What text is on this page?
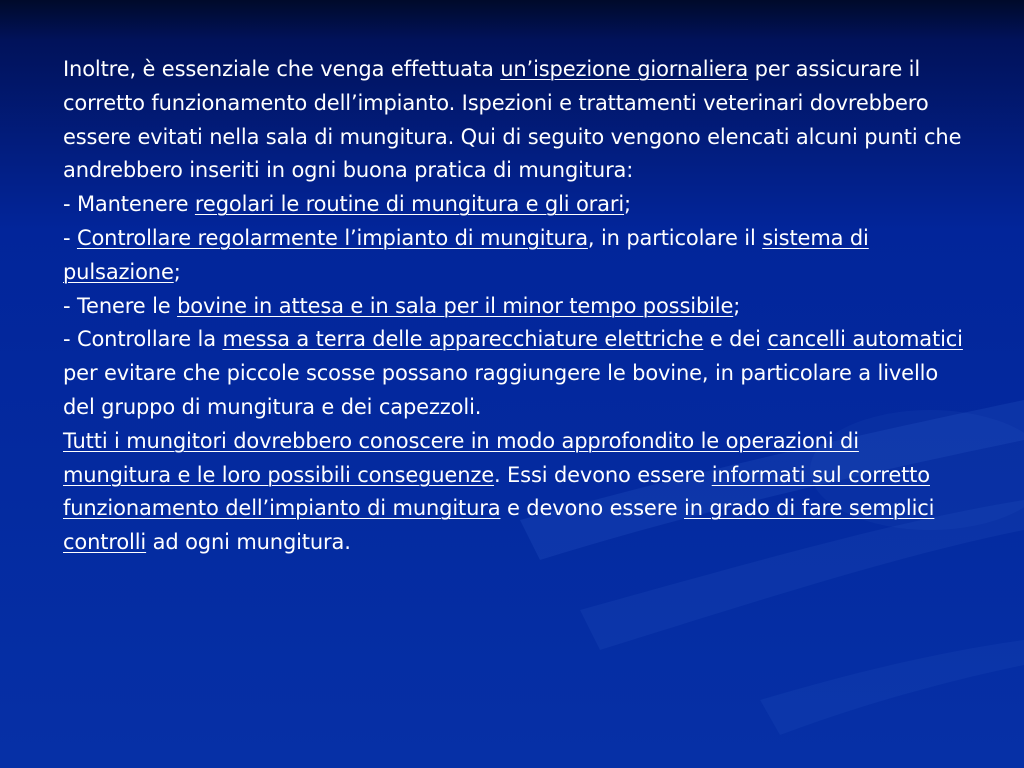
Inoltre, è essenziale che venga effettuata un’ispezione giornaliera per assicurare il corretto funzionamento dell’impianto. Ispezioni e trattamenti veterinari dovrebbero essere evitati nella sala di mungitura. Qui di seguito vengono elencati alcuni punti che andrebbero inseriti in ogni buona pratica di mungitura:

- Mantenere regolari le routine di mungitura e gli orari;

- Controllare regolarmente l’impianto di mungitura, in particolare il sistema di pulsazione;

- Tenere le bovine in attesa e in sala per il minor tempo possibile;

- Controllare la messa a terra delle apparecchiature elettriche e dei cancelli automatici per evitare che piccole scosse possano raggiungere le bovine, in particolare a livello del gruppo di mungitura e dei capezzoli.

Tutti i mungitori dovrebbero conoscere in modo approfondito le operazioni di mungitura e le loro possibili conseguenze. Essi devono essere informati sul corretto funzionamento dell’impianto di mungitura e devono essere in grado di fare semplici controlli ad ogni mungitura.
